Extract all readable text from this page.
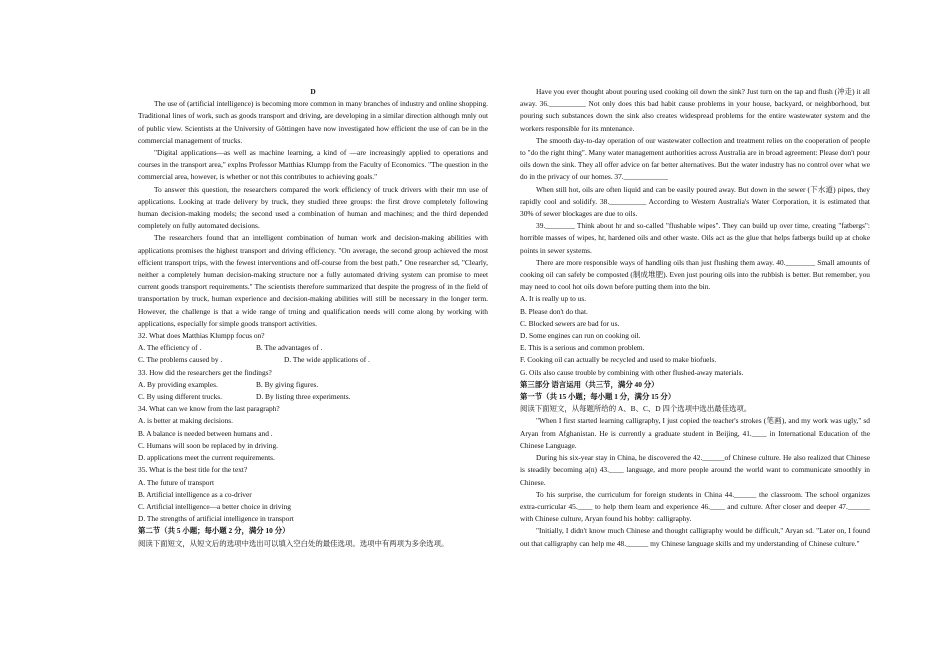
D

The use of (artificial intelligence) is becoming more common in many branches of industry and online shopping. Traditional lines of work, such as goods transport and driving, are developing in a similar direction although mnly out of public view. Scientists at the University of Göttingen have now investigated how efficient the use of can be in the commercial management of trucks.

"Digital applications—as well as machine learning, a kind of —are increasingly applied to operations and courses in the transport area," explns Professor Matthias Klumpp from the Faculty of Economics. "The question in the commercial area, however, is whether or not this contributes to achieving goals."

To answer this question, the researchers compared the work efficiency of truck drivers with their mn use of applications. Looking at trade delivery by truck, they studied three groups: the first drove completely following human decision-making models; the second used a combination of human and machines; and the third depended completely on fully automated decisions.

The researchers found that an intelligent combination of human work and decision-making abilities with applications promises the highest transport and driving efficiency. "On average, the second group achieved the most efficient transport trips, with the fewest interventions and off-course from the best path." One researcher sd, "Clearly, neither a completely human decision-making structure nor a fully automated driving system can promise to meet current goods transport requirements." The scientists therefore summarized that despite the progress of in the field of transportation by truck, human experience and decision-making abilities will still be necessary in the longer term. However, the challenge is that a wide range of trning and qualification needs will come along by working with applications, especially for simple goods transport activities.

32. What does Matthias Klumpp focus on?

A. The efficiency of .	B. The advantages of .
C. The problems caused by .	D. The wide applications of .

33. How did the researchers get the findings?

A. By providing examples.	B. By giving figures.
C. By using different trucks.	D. By listing three experiments.

34. What can we know from the last paragraph?

A. is better at making decisions.

B. A balance is needed between humans and .

C. Humans will soon be replaced by in driving.

D. applications meet the current requirements.

35. What is the best title for the text?

A. The future of transport

B. Artificial intelligence as a co-driver

C. Artificial intelligence—a better choice in driving

D. The strengths of artificial intelligence in transport

第二节（共 5 小题；每小题 2 分，满分 10 分）

阅读下面短文，从短文后的选项中选出可以填入空白处的最佳选项。选项中有两项为多余选项。

Have you ever thought about pouring used cooking oil down the sink? Just turn on the tap and flush (冲走) it all away. 36.__________ Not only does this bad habit cause problems in your house, backyard, or neighborhood, but pouring such substances down the sink also creates widespread problems for the entire wastewater system and the workers responsible for its mntenance.

The smooth day-to-day operation of our wastewater collection and treatment relies on the cooperation of people to "do the right thing". Many water management authorities across Australia are in broad agreement: Please don't pour oils down the sink. They all offer advice on far better alternatives. But the water industry has no control over what we do in the privacy of our homes. 37.____________

When still hot, oils are often liquid and can be easily poured away. But down in the sewer (下水道) pipes, they rapidly cool and solidify. 38.__________ According to Western Australia's Water Corporation, it is estimated that 30% of sewer blockages are due to oils.

39.________ Think about hr and so-called "flushable wipes". They can build up over time, creating "fatbergs": horrible masses of wipes, hr, hardened oils and other waste. Oils act as the glue that helps fatbergs build up at choke points in sewer systems.

There are more responsible ways of handling oils than just flushing them away. 40.________ Small amounts of cooking oil can safely be composted (制成堆肥). Even just pouring oils into the rubbish is better. But remember, you may need to cool hot oils down before putting them into the bin.

A. It is really up to us.

B. Please don't do that.

C. Blocked sewers are bad for us.

D. Some engines can run on cooking oil.

E. This is a serious and common problem.

F. Cooking oil can actually be recycled and used to make biofuels.

G. Oils also cause trouble by combining with other flushed-away materials.

第三部分 语言运用（共三节，满分 40 分）

第一节（共 15 小题；每小题 1 分，满分 15 分）

阅读下面短文，从每题所给的 A、B、C、D 四个选项中选出最佳选项。

"When I first started learning calligraphy, I just copied the teacher's strokes (笔画), and my work was ugly," sd Aryan from Afghanistan. He is currently a graduate student in Beijing, 41.____ in International Education of the Chinese Language.

During his six-year stay in China, he discovered the 42.______of Chinese culture. He also realized that Chinese is steadily becoming a(n) 43.____ language, and more people around the world want to communicate smoothly in Chinese.

To his surprise, the curriculum for foreign students in China 44.______ the classroom. The school organizes extra-curricular 45.____ to help them learn and experience 46.____ and culture. After closer and deeper 47.______ with Chinese culture, Aryan found his hobby: calligraphy.

"Initially, I didn't know much Chinese and thought calligraphy would be difficult," Aryan sd. "Later on, I found out that calligraphy can help me 48.______ my Chinese language skills and my understanding of Chinese culture."
